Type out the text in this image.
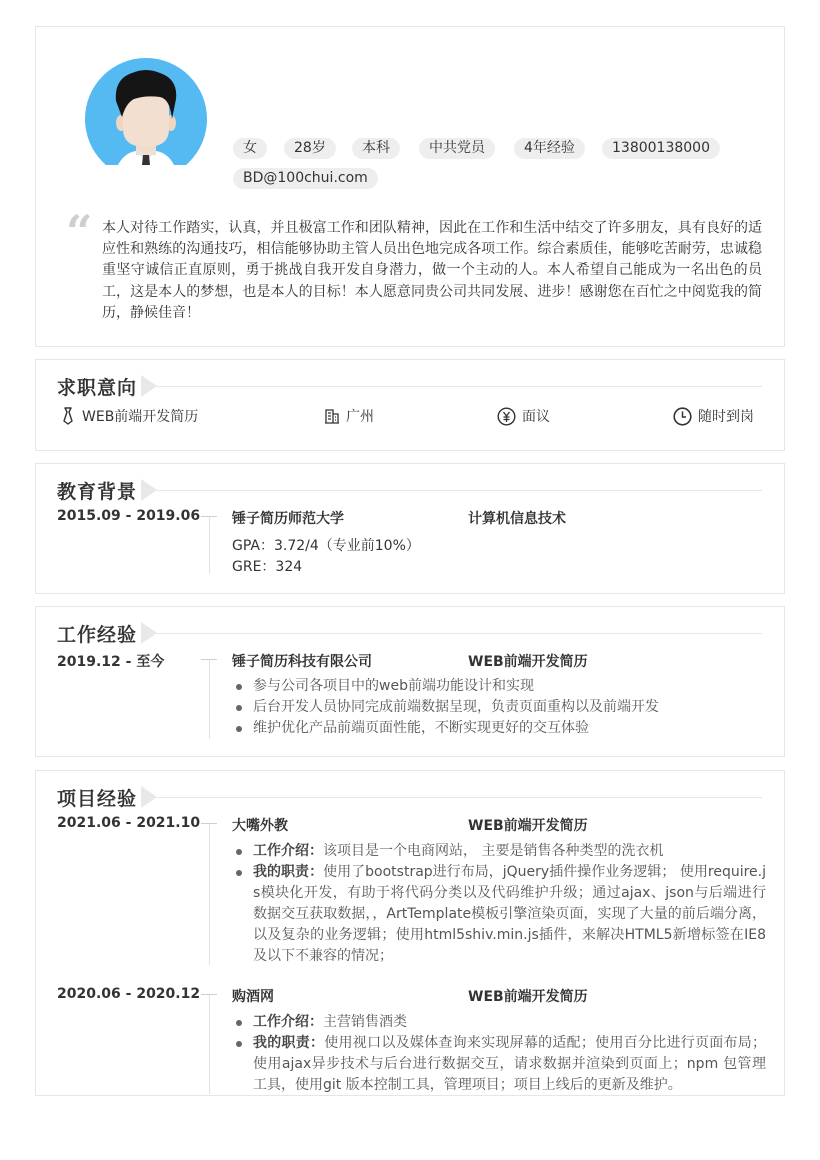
女	28岁	本科	中共党员	4年经验	13800138000
BD@100chui.com
“ 本人对待工作踏实，认真，并且极富工作和团队精神，因此在工作和生活中结交了许多朋友，具有良好的适应性和熟练的沟通技巧，相信能够协助主管人员出色地完成各项工作。综合素质佳，能够吃苦耐劳，忠诚稳重坚守诚信正直原则，勇于挑战自我开发自身潜力，做一个主动的人。本人希望自己能成为一名出色的员工，这是本人的梦想，也是本人的目标！本人愿意同贵公司共同发展、进步！感谢您在百忙之中阅览我的简历，静候佳音！

求职意向
WEB前端开发简历	广州	面议	随时到岗
教育背景
2015.09 - 2019.06 锤子简历师范大学	计算机信息技术
GPA：3.72/4（专业前10%）
GRE：324
工作经验
2019.12 - 至今	锤子简历科技有限公司	WEB前端开发简历
参与公司各项目中的web前端功能设计和实现
后台开发人员协同完成前端数据呈现，负责页面重构以及前端开发
维护优化产品前端页面性能，不断实现更好的交互体验
项目经验
2021.06 - 2021.10 大嘴外教	WEB前端开发简历
工作介绍：该项目是一个电商网站， 主要是销售各种类型的洗衣机
我的职责：使用了bootstrap进行布局，jQuery插件操作业务逻辑； 使用require.js模块化开发，有助于将代码分类以及代码维护升级；通过ajax、json与后端进行数据交互获取数据，，ArtTemplate模板引擎渲染页面，实现了大量的前后端分离，以及复杂的业务逻辑；使用html5shiv.min.js插件，来解决HTML5新增标签在IE8及以下不兼容的情况；
2020.06 - 2020.12 购酒网	WEB前端开发简历
工作介绍：主营销售酒类
我的职责：使用视口以及媒体查询来实现屏幕的适配；使用百分比进行页面布局；使用ajax异步技术与后台进行数据交互，请求数据并渲染到页面上；npm 包管理工具，使用git 版本控制工具，管理项目；项目上线后的更新及维护。
